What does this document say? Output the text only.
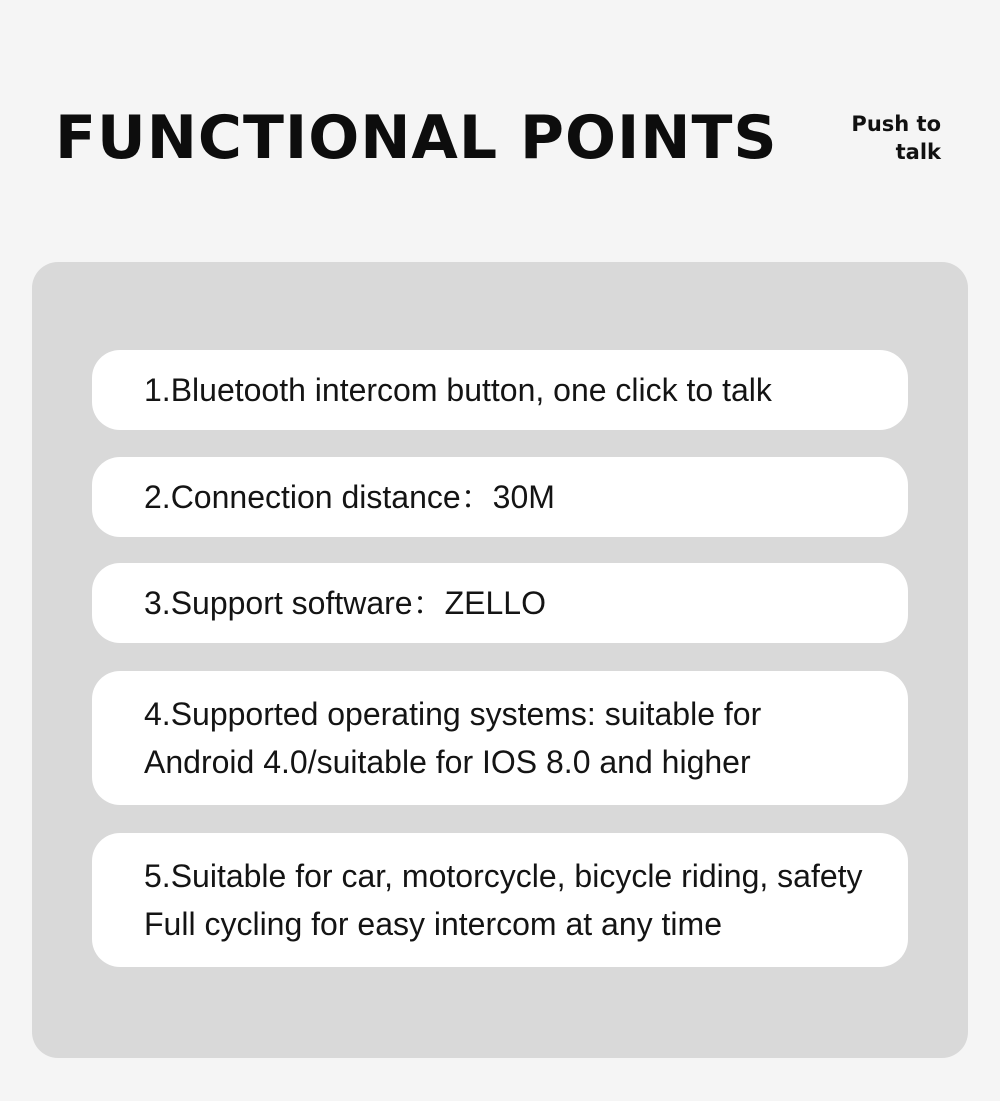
FUNCTIONAL POINTS	Push to talk
1.Bluetooth intercom button, one click to talk
2.Connection distance：30M
3.Support software：ZELLO
4.Supported operating systems: suitable for Android 4.0/suitable for IOS 8.0 and higher
5.Suitable for car, motorcycle, bicycle riding, safety Full cycling for easy intercom at any time
